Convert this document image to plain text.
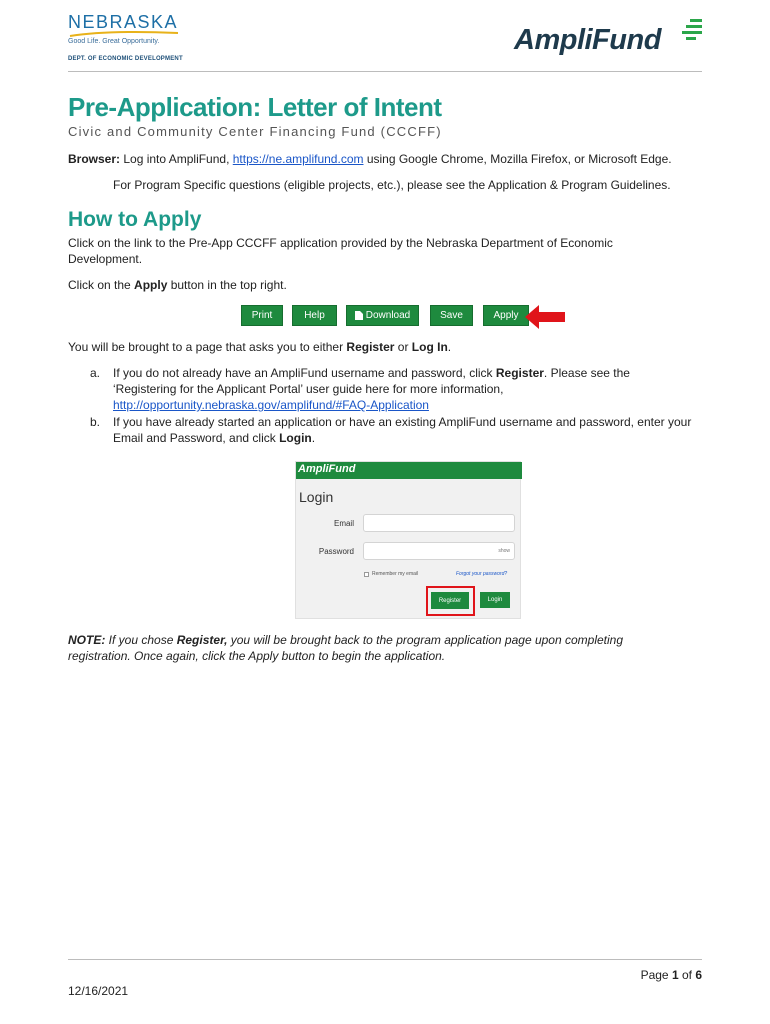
NEBRASKA
Good Life. Great Opportunity.
DEPT. OF ECONOMIC DEVELOPMENT
AmpliFund
Pre-Application: Letter of Intent
Civic and Community Center Financing Fund (CCCFF)
Browser: Log into AmpliFund, https://ne.amplifund.com using Google Chrome, Mozilla Firefox, or Microsoft Edge.
For Program Specific questions (eligible projects, etc.), please see the Application & Program Guidelines.
How to Apply
Click on the link to the Pre-App CCCFF application provided by the Nebraska Department of Economic Development.
Click on the Apply button in the top right.
Print	Help	Download	Save	Apply
You will be brought to a page that asks you to either Register or Log In.
a. If you do not already have an AmpliFund username and password, click Register. Please see the ‘Registering for the Applicant Portal’ user guide here for more information,
http://opportunity.nebraska.gov/amplifund/#FAQ-Application
b. If you have already started an application or have an existing AmpliFund username and password, enter your Email and Password, and click Login.
AmpliFund
Login
Email
Password	show
Remember my email	Forgot your password?
Register	Login
NOTE: If you chose Register, you will be brought back to the program application page upon completing registration. Once again, click the Apply button to begin the application.
Page 1 of 6
12/16/2021
